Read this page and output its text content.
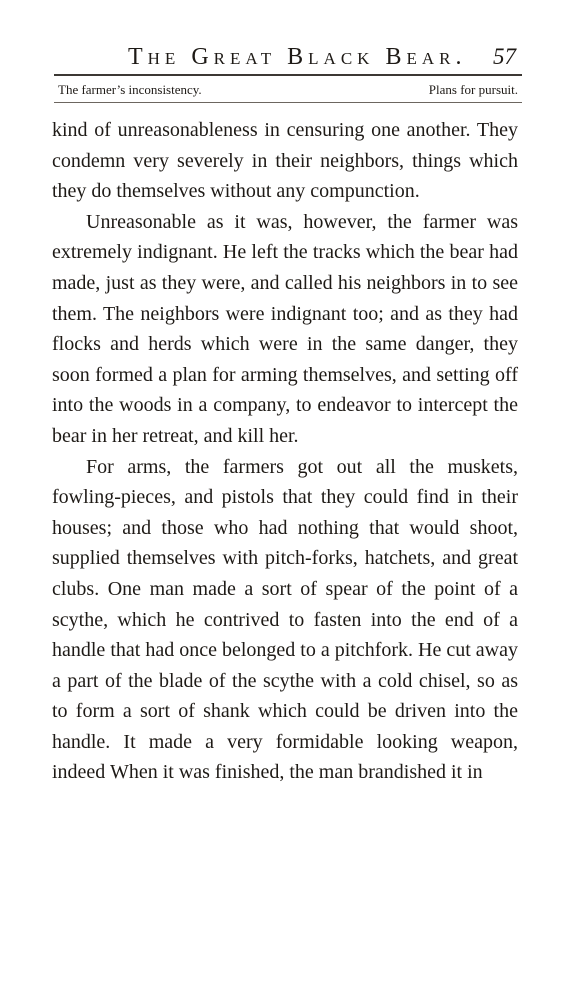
The Great Black Bear. 57
The farmer’s inconsistency.	Plans for pursuit.

kind of unreasonableness in censuring one another. They condemn very severely in their neighbors, things which they do themselves without any compunction.

Unreasonable as it was, however, the farmer was extremely indignant. He left the tracks which the bear had made, just as they were, and called his neighbors in to see them. The neighbors were indignant too; and as they had flocks and herds which were in the same danger, they soon formed a plan for arming themselves, and setting off into the woods in a company, to endeavor to intercept the bear in her retreat, and kill her.

For arms, the farmers got out all the muskets, fowling-pieces, and pistols that they could find in their houses; and those who had nothing that would shoot, supplied themselves with pitch-forks, hatchets, and great clubs. One man made a sort of spear of the point of a scythe, which he contrived to fasten into the end of a handle that had once belonged to a pitchfork. He cut away a part of the blade of the scythe with a cold chisel, so as to form a sort of shank which could be driven into the handle. It made a very formidable looking weapon, indeed When it was finished, the man brandished it in
